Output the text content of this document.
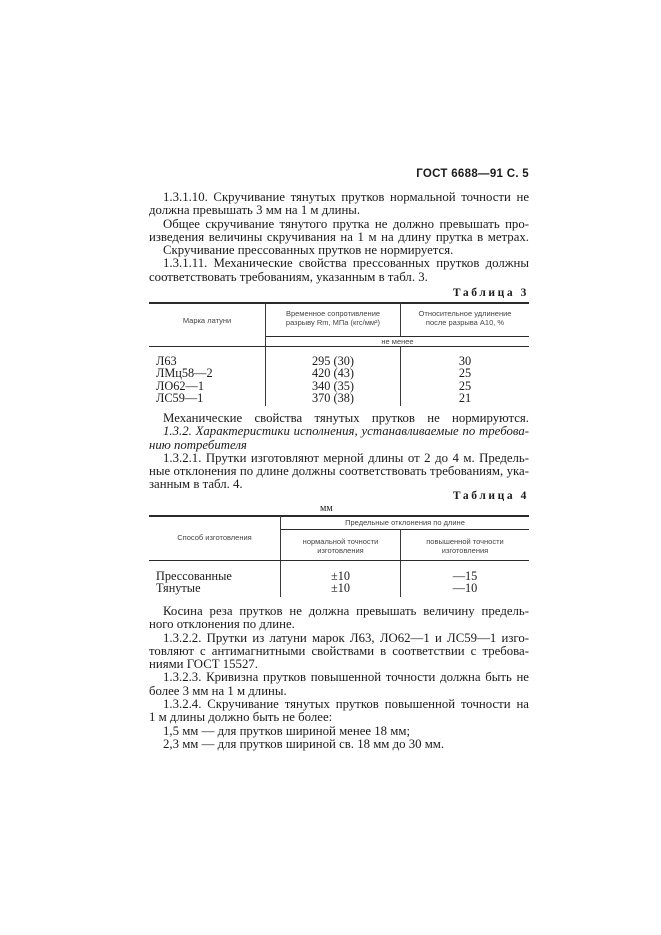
ГОСТ 6688—91 С. 5
1.3.1.10. Скручивание тянутых прутков нормальной точности не
должна превышать 3 мм на 1 м длины.
Общее скручивание тянутого прутка не должно превышать про-
изведения величины скручивания на 1 м на длину прутка в метрах.
Скручивание прессованных прутков не нормируется.
1.3.1.11. Механические свойства прессованных прутков должны
соответствовать требованиям, указанным в табл. 3.
Таблица 3
Марка латуни
Временное сопротивление
разрыву Rm, МПа (кгс/мм²)
Относительное удлинение
после разрыва A10, %
не менее
Л63
ЛМц58—2
ЛО62—1
ЛС59—1
295 (30)
420 (43)
340 (35)
370 (38)
30
25
25
21
Механические свойства тянутых прутков не нормируются.
1.3.2. Характеристики исполнения, устанавливаемые по требова-
нию потребителя
1.3.2.1. Прутки изготовляют мерной длины от 2 до 4 м. Предель-
ные отклонения по длине должны соответствовать требованиям, ука-
занным в табл. 4.
Таблица 4
мм
Способ изготовления
Предельные отклонения по длине
нормальной точности
изготовления
повышенной точности
изготовления
Прессованные
Тянутые
±10
±10
—15
—10
Косина реза прутков не должна превышать величину предель-
ного отклонения по длине.
1.3.2.2. Прутки из латуни марок Л63, ЛО62—1 и ЛС59—1 изго-
товляют с антимагнитными свойствами в соответствии с требова-
ниями ГОСТ 15527.
1.3.2.3. Кривизна прутков повышенной точности должна быть не
более 3 мм на 1 м длины.
1.3.2.4. Скручивание тянутых прутков повышенной точности на
1 м длины должно быть не более:
1,5 мм — для прутков шириной менее 18 мм;
2,3 мм — для прутков шириной св. 18 мм до 30 мм.
